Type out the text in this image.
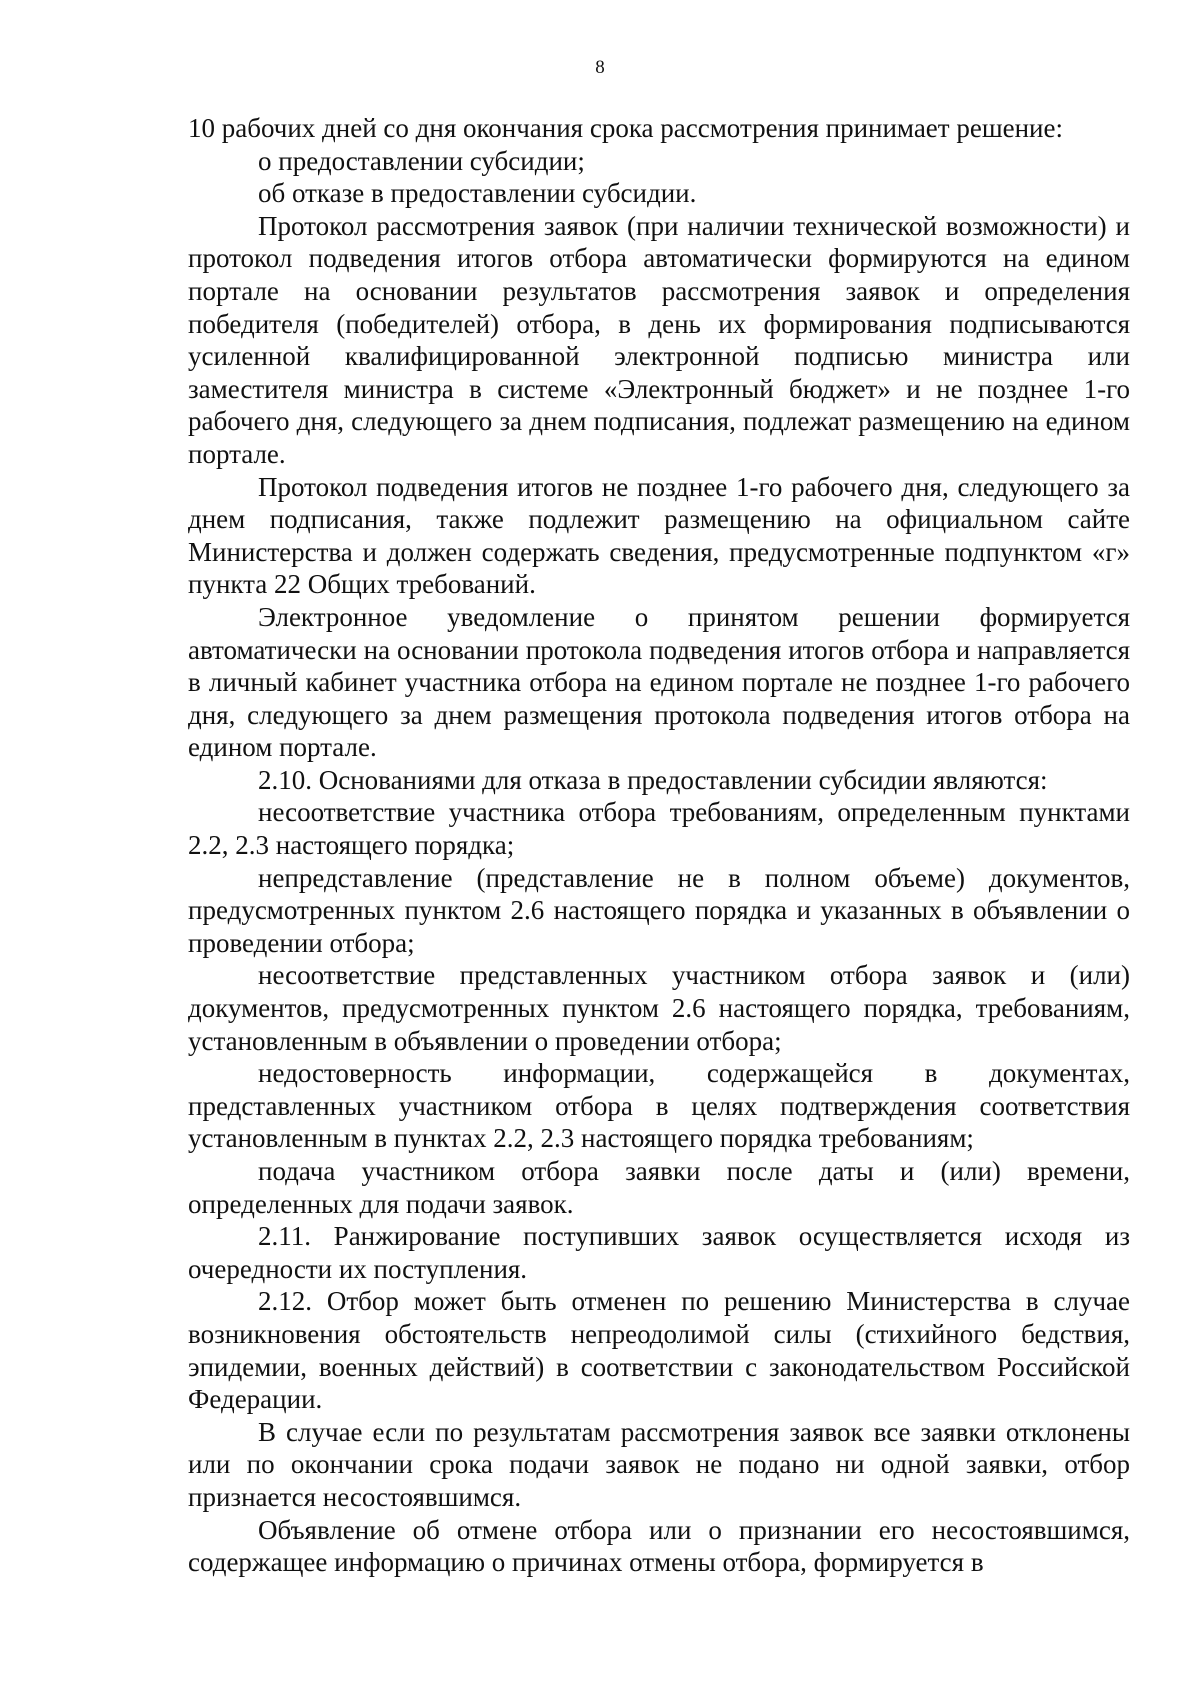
8

10 рабочих дней со дня окончания срока рассмотрения принимает решение:

о предоставлении субсидии;

об отказе в предоставлении субсидии.

Протокол рассмотрения заявок (при наличии технической возможности) и протокол подведения итогов отбора автоматически формируются на едином портале на основании результатов рассмотрения заявок и определения победителя (победителей) отбора, в день их формирования подписываются усиленной квалифицированной электронной подписью министра или заместителя министра в системе «Электронный бюджет» и не позднее 1-го рабочего дня, следующего за днем подписания, подлежат размещению на едином портале.

Протокол подведения итогов не позднее 1-го рабочего дня, следующего за днем подписания, также подлежит размещению на официальном сайте Министерства и должен содержать сведения, предусмотренные подпунктом «г» пункта 22 Общих требований.

Электронное уведомление о принятом решении формируется автоматически на основании протокола подведения итогов отбора и направляется в личный кабинет участника отбора на едином портале не позднее 1-го рабочего дня, следующего за днем размещения протокола подведения итогов отбора на едином портале.

2.10. Основаниями для отказа в предоставлении субсидии являются:

несоответствие участника отбора требованиям, определенным пунктами 2.2, 2.3 настоящего порядка;

непредставление (представление не в полном объеме) документов, предусмотренных пунктом 2.6 настоящего порядка и указанных в объявлении о проведении отбора;

несоответствие представленных участником отбора заявок и (или) документов, предусмотренных пунктом 2.6 настоящего порядка, требованиям, установленным в объявлении о проведении отбора;

недостоверность информации, содержащейся в документах, представленных участником отбора в целях подтверждения соответствия установленным в пунктах 2.2, 2.3 настоящего порядка требованиям;

подача участником отбора заявки после даты и (или) времени, определенных для подачи заявок.

2.11. Ранжирование поступивших заявок осуществляется исходя из очередности их поступления.

2.12. Отбор может быть отменен по решению Министерства в случае возникновения обстоятельств непреодолимой силы (стихийного бедствия, эпидемии, военных действий) в соответствии с законодательством Российской Федерации.

В случае если по результатам рассмотрения заявок все заявки отклонены или по окончании срока подачи заявок не подано ни одной заявки, отбор признается несостоявшимся.

Объявление об отмене отбора или о признании его несостоявшимся, содержащее информацию о причинах отмены отбора, формируется в
